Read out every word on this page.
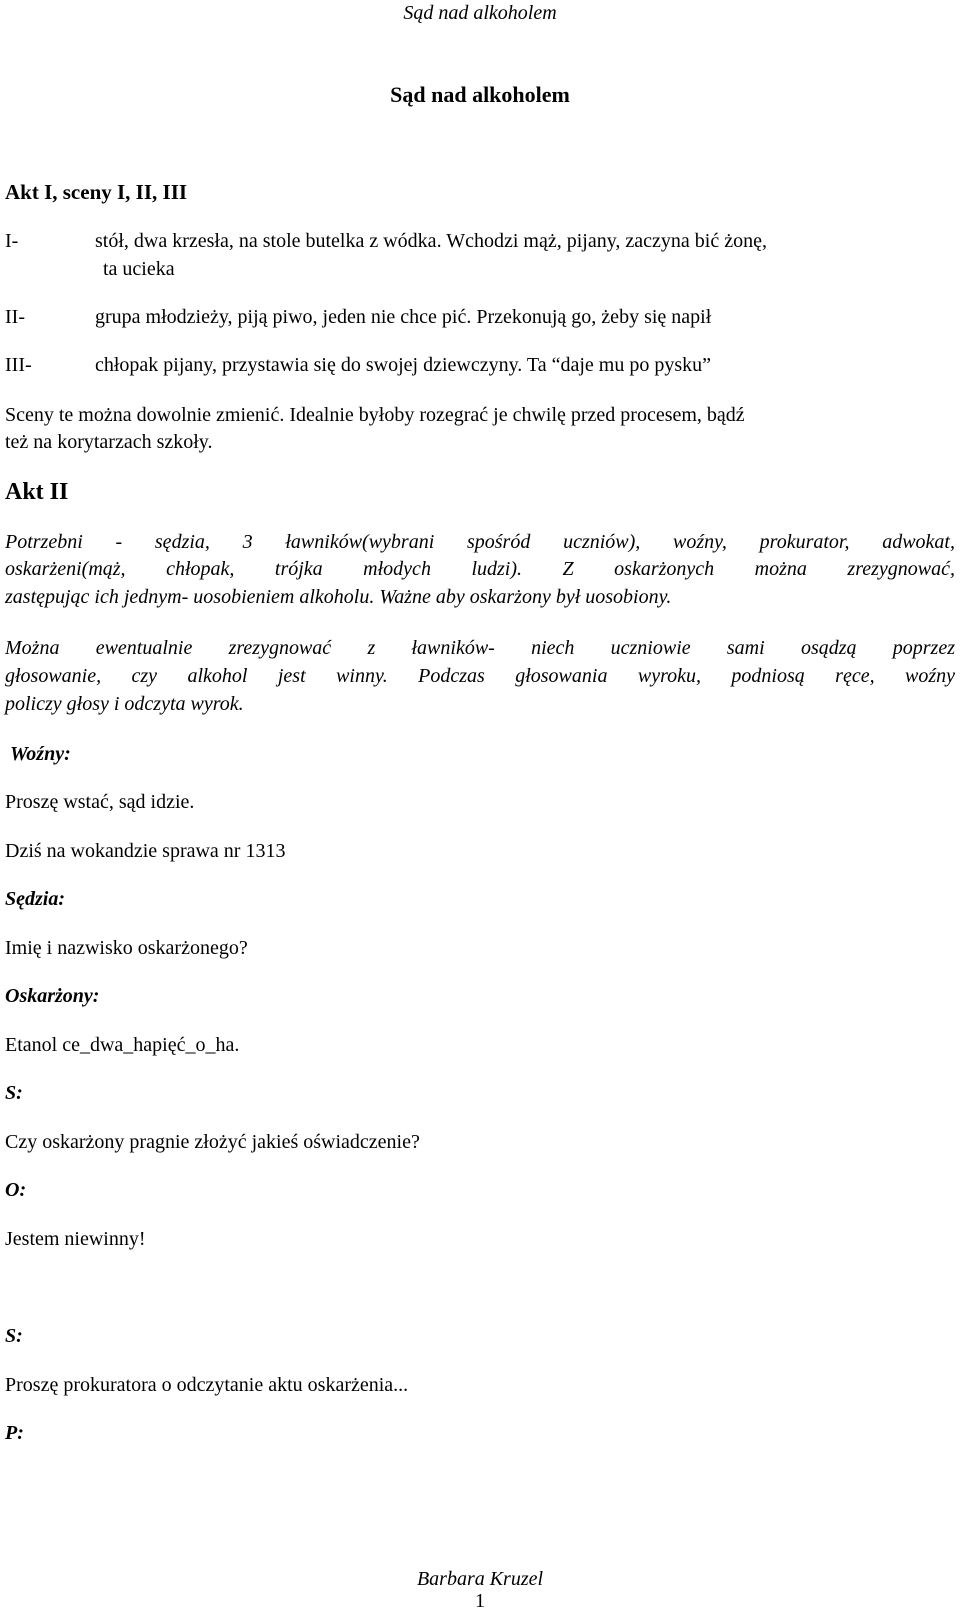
Sąd nad alkoholem
Sąd nad alkoholem
Akt I, sceny I, II, III
I-	stół, dwa krzesła, na stole butelka z wódka. Wchodzi mąż, pijany, zaczyna bić żonę,
ta ucieka
II-	grupa młodzieży, piją piwo, jeden nie chce pić. Przekonują go, żeby się napił
III-	chłopak pijany, przystawia się do swojej dziewczyny. Ta “daje mu po pysku”
Sceny te można dowolnie zmienić. Idealnie byłoby rozegrać je chwilę przed procesem, bądź
też na korytarzach szkoły.
Akt II
Potrzebni - sędzia, 3 ławników(wybrani spośród uczniów), woźny, prokurator, adwokat,
oskarżeni(mąż, chłopak, trójka młodych ludzi). Z oskarżonych można zrezygnować,
zastępując ich jednym- uosobieniem alkoholu. Ważne aby oskarżony był uosobiony.
Można ewentualnie zrezygnować z ławników- niech uczniowie sami osądzą poprzez
głosowanie, czy alkohol jest winny. Podczas głosowania wyroku, podniosą ręce, woźny
policzy głosy i odczyta wyrok.
Woźny:
Proszę wstać, sąd idzie.
Dziś na wokandzie sprawa nr 1313
Sędzia:
Imię i nazwisko oskarżonego?
Oskarżony:
Etanol ce_dwa_hapięć_o_ha.
S:
Czy oskarżony pragnie złożyć jakieś oświadczenie?
O:
Jestem niewinny!
S:
Proszę prokuratora o odczytanie aktu oskarżenia...
P:
Barbara Kruzel
1
